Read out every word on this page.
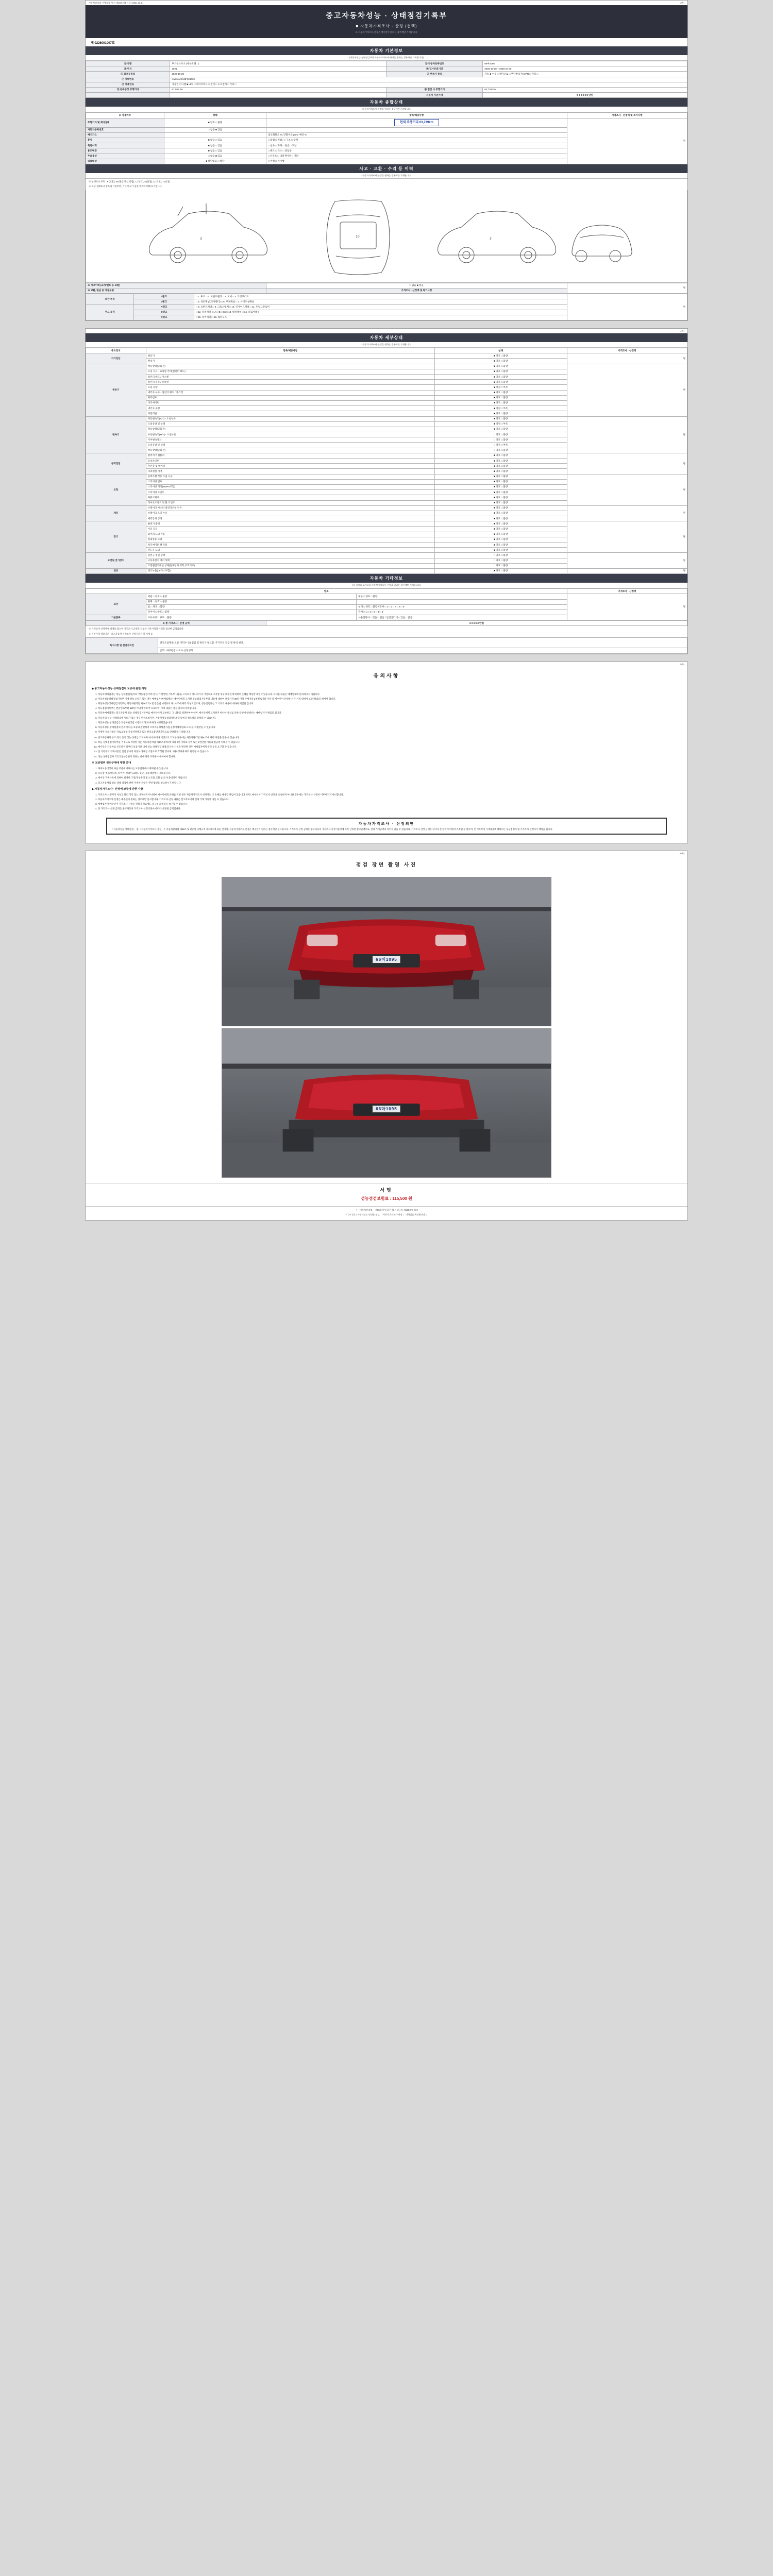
자동차관리법 시행규칙 [별지 제28호의3 서식] (2021.11.1.)	(3쪽)
중고자동차성능 · 상태점검기록부
■ 자동차가격조사 · 산정 (선택)
※ 자동차가격조사·산정은 매수인이 원하는 경우에만 기재합니다.
제 0226001007호
자동차 기본정보
(자동차성능·상태점검자의 자동차가격조사·산정을 원하는 경우에만 기재합니다)
① 차명	투스싼스포츠 (세부모델 : )	② 자동차등록번호	66마1095
③ 연식	2021	④ 검사유효기간	2025-10-28 ~ 2026-10-06
⑤ 최초등록일	2020-10-28	⑥ 변속기 종류	자동 ■ 수동 □ 세미오토 □ 무단변속기(CVT) □ 기타 □
⑦ 차대번호	KMHJ4A81NF121062		
⑧ 사용연료	가솔린 □ 디젤 ■ LPG □ 하이브리드 □ 전기 □ 수소전기 □ 기타 □		
⑨ 등록증상 주행거리	67,090 km	⑩ 점검 시 주행거리	63,739 km
		자동차 기준가격	0 0 0 0 0 0 만원
자동차 종합상태
(자동차가격조사·산정을 원하는 경우에만 기재합니다)
※ 사용여부	상태	항목/해당사항	가격조사 · 산정액 및 특기사항
주행거리 및 계기상태	■ 양호 □ 불량	현재 주행거리 63,739km	원
자동차등록번호	□ 없음 ■ 있음		
배기가스		일산화탄소 %, 탄화수소 ppm, 매연 %	
튜닝	■ 없음 □ 있음	□ 불법 □ 적법 / □ 구조 □ 장치	
특별이력	■ 없음 □ 있음	□ 침수 □ 화재 □ 전손 □ 도난	
용도변경	■ 없음 □ 있음	□ 렌트 □ 리스 □ 영업용	
주요옵션	□ 없음 ■ 있음	□ 선루프 □ 내비게이션 □ 기타	
리콜대상	■ 해당없음 □ 해당	□ 이행 □ 미이행	
사고 · 교환 · 수리 등 이력
(자동차가격조사·산정을 원하는 경우에만 기재합니다)
※ 상태표시 부호 : X (교환), W (판금 또는 용접), C (부식), A (흠집), U (요철), T (손상)
※ 하단 상태표시 항목과 기준부위, 기타 마모가 심한 부위에 대해 표기합니다
10
3	3
※ 사고이력 (교차/렌트 등 포함)	□ 없음 ■ 있음	원
※ 교환, 판금 등 이상부위	가격조사 · 산정액 및 특기사항	
외판 부위	1랭크	□ 1. 후드 □ 2. 프론트펜더 □ 3. 도어 □ 4. 트렁크리드	원
	2랭크	□ 5. 쿼터패널(리어펜더) □ 6. 루프패널 □ 7. 사이드실패널	
주요 골격	A랭크	□ 8. 프론트패널 □ 9. 크로스멤버 □ 10. 인사이드패널 □ 11. 트렁크플로어	
	B랭크	□ 12. 필러패널 (□ A □ B □ C) □ 13. 대쉬패널 □ 14. 플로어패널	
	C랭크	□ 15. 리어패널 □ 16. 휠하우스	

(4쪽)
자동차 세부상태
(자동차가격조사·산정을 원하는 경우에만 기재합니다)
주요장치	항목/해당사항	상태	가격조사 · 산정액
자기진단	원동기	■ 양호 □ 불량	원
	변속기	■ 양호 □ 불량	
원동기	작동상태(공회전)	■ 양호 □ 불량	원
	오일 누유 - 로커암 커버(실린더 헤드)	■ 양호 □ 불량	
	실린더 헤드 / 가스켓	■ 양호 □ 불량	
	실린더 블록 / 오일팬	■ 양호 □ 불량	
	오일 유량	■ 적정 □ 부족	
	냉각수 누수 - 실린더 헤드 / 가스켓	■ 양호 □ 불량	
	워터펌프	■ 양호 □ 불량	
	라디에이터	■ 양호 □ 불량	
	냉각수 수량	■ 적정 □ 부족	
	커먼레일	■ 양호 □ 불량	
변속기	자동변속기(A/T) - 오일누유	■ 양호 □ 불량	원
	오일유량 및 상태	■ 적정 □ 부족	
	작동상태(공회전)	■ 양호 □ 불량	
	수동변속기(M/T) - 오일누유	□ 양호 □ 불량	
	기어변속장치	□ 양호 □ 불량	
	오일유량 및 상태	□ 적정 □ 부족	
	작동상태(공회전)	□ 양호 □ 불량	
동력전달	클러치 어셈블리	■ 양호 □ 불량	원
	등속조인트	■ 양호 □ 불량	
	추진축 및 베어링	■ 양호 □ 불량	
	디퍼렌셜 기어	■ 양호 □ 불량	
조향	동력조향 작동 오일 누유	■ 양호 □ 불량	원
	스티어링 펌프	■ 양호 □ 불량	
	스티어링 기어(MDPS포함)	■ 양호 □ 불량	
	스티어링 조인트	■ 양호 □ 불량	
	파워크랭크	■ 양호 □ 불량	
	타이로드엔드 및 볼 조인트	■ 양호 □ 불량	
제동	브레이크 마스터 실린더오일 누유	■ 양호 □ 불량	원
	브레이크 오일 누유	■ 양호 □ 불량	
	배력장치 상태	■ 양호 □ 불량	
전기	발전기 출력	■ 양호 □ 불량	원
	시동 모터	■ 양호 □ 불량	
	와이퍼 모터 기능	■ 양호 □ 불량	
	실내송풍 모터	■ 양호 □ 불량	
	라디에이터 팬 모터	■ 양호 □ 불량	
	윈도우 모터	■ 양호 □ 불량	
고전원 전기장치	충전구 절연 상태	□ 양호 □ 불량	원
	구동축전지 격리 상태	□ 양호 □ 불량	
	고전원전기배선 상태(접속단자,피복,보호기구)	□ 양호 □ 불량	
연료	연료누출(LP가스포함)	■ 양호 □ 불량	원
자동차 기타정보
(※ 항목을 표시하되 자동차가격조사·산정을 원하는 경우에만 기재합니다)
항목			가격조사 · 산정액
외관	외관 □ 양호 □ 불량	내부 □ 양호 □ 불량	원
	광택 □ 양호 □ 불량		
	룸 □ 양호 □ 불량	상태 □ 양호 □ 불량 / 잔여 □ 1 □ 2 □ 3 □ 4 □ 5	
	타이어 □ 양호 □ 불량	잔여 □ 1 □ 2 □ 3 □ 4 □ 5	
기본품목	보유사항 □ 양호 □ 불량	사용설명서 □ 있음 □ 없음 / 안전삼각대 □ 있음 □ 없음	
※ 총 가격조사 · 산정 금액	0 0 0 0 0 만원
※ 가격조사·산정액에 실제의 합산한 가격조사 금액과 자동차 기준가격의 가격을 합산한 금액입니다.
※ 기준가격 적용기준 : 중고자동차 가격조사·산정기준서 및 시세 등
특기사항 및 점검자의견	엔진오일계통(오일, 냉각수 등) 점검 및 관리가 필요함. 주기적인 점검 및 관리 권장.
금액 · 내부평점 □ 조사·산정생략

(5쪽)
유의사항
◈ 중고자동차성능·상태점검자 보증에 관한 사항
1. 자동차매매업자는 성능·상태점검자(이하 "성능점검자"라 한다)가 발행한 기록부 내용을 고지하지 아니하거나 거짓으로 고지할 경우 매수인에 대하여 손해를 배상할 책임이 있습니다. 자세한 내용은 매매업체에 문의하시기 바랍니다.
2. 자동차성능상태점검기록부 기재 정보 오류가 있는 경우 매매업자(매매업체)는 매수인에게 고지한 성능점검기록부의 내용에 대하여 보증기간 30일 이상 주행거리 2천킬로미터 이상 중 매수인이 선택한 기간·거리 내에서 보증(책임)을 하여야 합니다.
3. 자동차성능상태점검기록부는 자동차관리법 제58조의4 및 같은법 시행규칙 제120조에 따라 작성되었으며, 성능점검자는 그 기록의 내용에 대하여 책임을 집니다.
4. 성능점검기록부는 발급일로부터 120일 이내에 한하여 유효하며, 기재 내용은 점검 당시의 상태입니다.
5. 자동차매매업자는 중고자동차 성능·상태점검기록부를 매수인에게 교부하고 그 내용을 설명하여야 하며, 매수인에게 고지하지 아니한 사실로 인한 분쟁에 대해서는 매매업자가 책임을 집니다.
6. 자동차의 성능·상태점검에 이의가 있는 경우 한국소비자원, 자동차성능점검정비조합 등에 분쟁조정을 신청할 수 있습니다.
7. 자동차성능·상태점검은 자동차관리법 시행규칙 별표에 따라 시행되었습니다.
8. 자동차성능·상태점검의 결과에 따른 보증과 관련하여 소비자분쟁해결기준(공정거래위원회 고시)을 적용받을 수 있습니다.
9. 자세한 문의사항은 국토교통부 자동차정책과 또는 한국교통안전공단으로 연락하시기 바랍니다.
10. 중고자동차의 구조·장치 등의 성능·상태를 고지하지 아니 하거나 거짓으로 고지한 경우에는 자동차관리법 제80조에 따라 처벌을 받을 수 있습니다.
11. 성능·상태점검기록부를 거짓으로 작성한 자는 자동차관리법 제80조제7호에 따라 2년 이하의 징역 또는 2천만원 이하의 벌금에 처해질 수 있습니다.
12. 매수인은 자동차를 인도받은 날부터 보증기간 내에 성능·상태점검 내용과 다른 사실을 발견한 경우 매매업자에게 수리 등을 요구할 수 있습니다.
13. 본 기록부의 기재사항은 점검 당시의 자동차 상태를 기준으로 작성된 것이며, 사용·경과에 따라 변동될 수 있습니다.
14. 성능·상태점검자 국토교통부장관이 정하는 바에 따라 교육을 이수하여야 합니다.
※ 보증범위 권리구제에 대한 안내
1. 하자보증대상이 아닌 부분에 대해서는 보증범위에서 제외될 수 있습니다.
2. 소모성 부품(배터리, 타이어, 브레이크패드 등)은 보증대상에서 제외됩니다.
3. 매수인 귀책사유에 의하여 발생한 고장(무상수리 및 소모품 교환 등)은 보증대상이 아닙니다.
4. 중고자동차의 성능·상태 점검에 관한 자세한 사항은 관련 법령을 참고하시기 바랍니다.
◈ 자동차가격조사 · 산정에 보증에 관한 사항
1. 가격조사·산정자가 사실과 달리 가격 또는 산정하지 아니하여 매수인에게 손해를 끼친 경우 자동차가격조사·산정자는 그 손해를 배상할 책임이 있습니다. 다만, 매수인이 가격조사·산정을 요청하지 아니한 경우에는 가격조사·산정이 이루어지지 아니합니다.
2. 자동차가격조사·산정은 매수인이 원하는 경우에만 실시합니다. 가격조사·산정 내용은 참고자료이며 실제 거래 가격과 다를 수 있습니다.
3. 매매업자가 매수인이 가격조사·산정을 원하지 않음에도 불구하고 비용을 청구할 수 없습니다.
4. 본 가격조사·산정 금액은 중고자동차 가격조사·산정기준서에 따라 산정된 금액입니다.
자동차가격조사 · 산정의안
「자동차성능·상태점검」 및 「자동차가격조사·산정」은 자동차관리법 제58조 및 같은법 시행규칙 제120조에 따른 것이며, 자동차가격조사·산정은 매수인이 원하는 경우에만 실시합니다. 가격조사·산정 금액은 중고자동차 가격조사·산정기준서에 따라 산정된 참고금액으로, 실제 거래금액과 차이가 있을 수 있습니다. 가격조사·산정 금액은 당사자 간 합의에 의하여 조정될 수 있으며, 본 기록부의 기재내용에 대해서는 성능점검자 및 가격조사·산정자가 책임을 집니다.

(6쪽)
점검 장면 촬영 사진
66마1095
66마1095
서명
성능점검보험료 : 115,500 원
『 「자동차관리법」 제58조에 및 같은 법 시행규칙 제120조에 따라
『 [ ※ ] 중고자동차성능·상태를 점검, 「자동차가격조사·산정 」 내역임을 확인합니다.』
